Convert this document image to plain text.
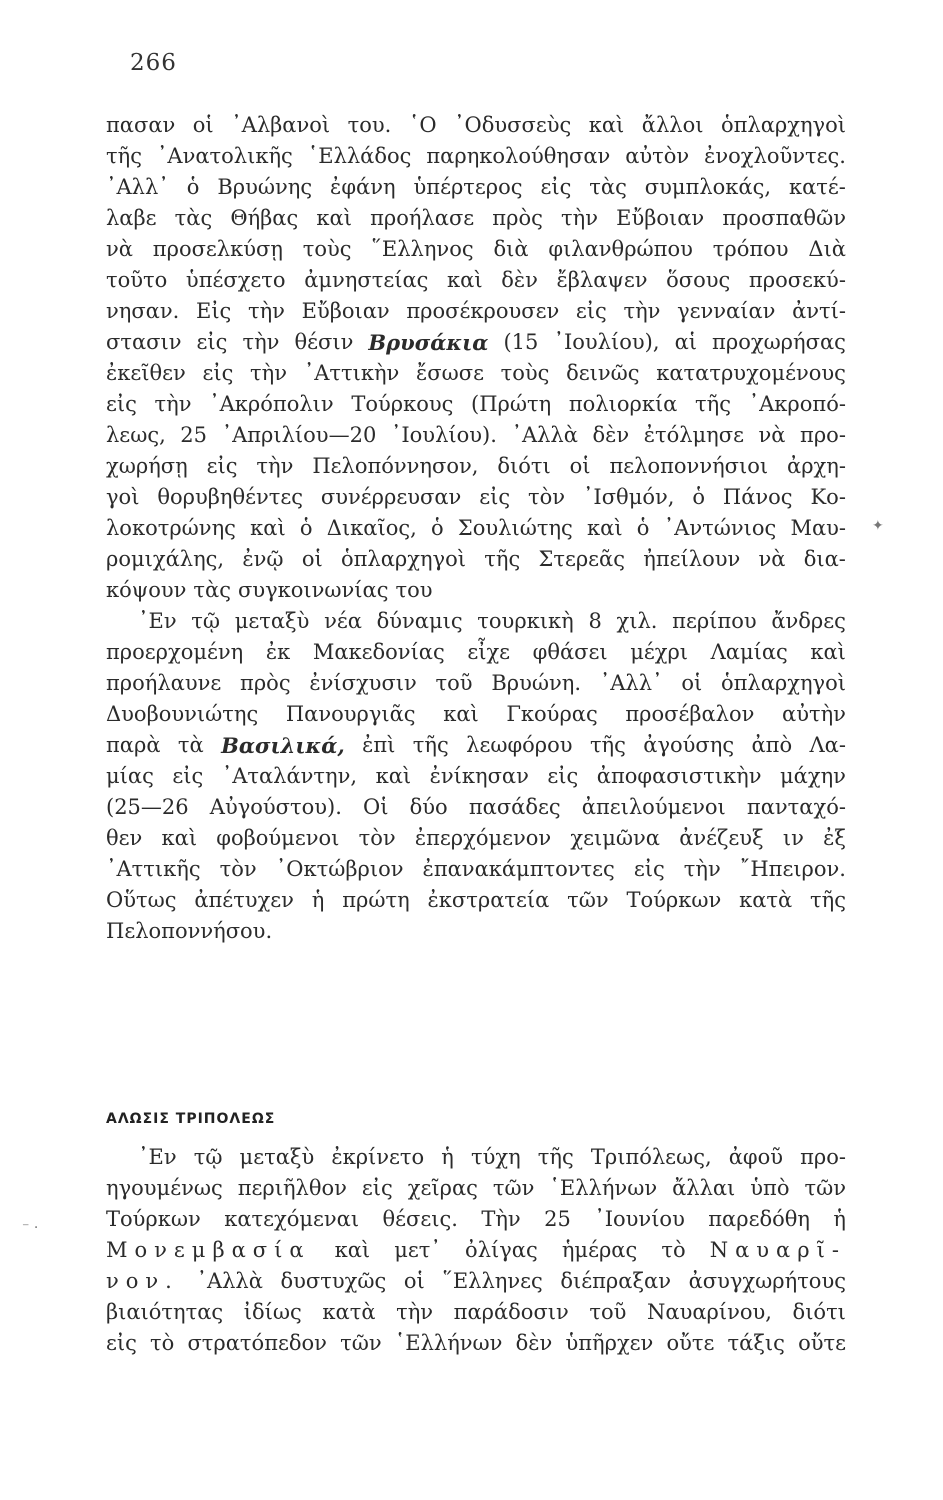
266
πασαν οἱ ᾿Αλβανοὶ του. ῾Ο ᾿Οδυσσεὺς καὶ ἄλλοι ὁπλαρχηγοὶ
τῆς ᾿Ανατολικῆς ῾Ελλάδος παρηκολούθησαν αὐτὸν ἐνοχλοῦντες.
᾿Αλλ᾿ ὁ Βρυώνης ἐφάνη ὑπέρτερος εἰς τὰς συμπλοκάς, κατέ-
λαβε τὰς Θήβας καὶ προήλασε πρὸς τὴν Εὔβοιαν προσπαθῶν
νὰ προσελκύσῃ τοὺς ῞Ελληνος διὰ φιλανθρώπου τρόπου Διὰ
τοῦτο ὑπέσχετο ἀμνηστείας καὶ δὲν ἔβλαψεν ὅσους προσεκύ-
νησαν. Εἰς τὴν Εὔβοιαν προσέκρουσεν εἰς τὴν γενναίαν ἀντί-
στασιν εἰς τὴν θέσιν Βρυσάκια (15 ᾿Ιουλίου), αἱ προχωρήσας
ἐκεῖθεν εἰς τὴν ᾿Αττικὴν ἔσωσε τοὺς δεινῶς κατατρυχομένους
εἰς τὴν ᾿Ακρόπολιν Τούρκους (Πρώτη πολιορκία τῆς ᾿Ακροπό-
λεως, 25 ᾿Απριλίου—20 ᾿Ιουλίου). ᾿Αλλὰ δὲν ἐτόλμησε νὰ προ-
χωρήσῃ εἰς τὴν Πελοπόννησον, διότι οἱ πελοποννήσιοι ἀρχη-
γοὶ θορυβηθέντες συνέρρευσαν εἰς τὸν ᾿Ισθμόν, ὁ Πάνος Κο-
λοκοτρώνης καὶ ὁ Δικαῖος, ὁ Σουλιώτης καὶ ὁ ᾿Αντώνιος Μαυ-
ρομιχάλης, ἐνῷ οἱ ὁπλαρχηγοὶ τῆς Στερεᾶς ἠπείλουν νὰ δια-
κόψουν τὰς συγκοινωνίας του
᾿Εν τῷ μεταξὺ νέα δύναμις τουρκικὴ 8 χιλ. περίπου ἄνδρες
προερχομένη ἐκ Μακεδονίας εἶχε φθάσει μέχρι Λαμίας καὶ
προήλαυνε πρὸς ἐνίσχυσιν τοῦ Βρυώνη. ᾿Αλλ᾿ οἱ ὁπλαρχηγοὶ
Δυοβουνιώτης Πανουργιᾶς καὶ Γκούρας προσέβαλον αὐτὴν
παρὰ τὰ Βασιλικά, ἐπὶ τῆς λεωφόρου τῆς ἀγούσης ἀπὸ Λα-
μίας εἰς ᾿Αταλάντην, καὶ ἐνίκησαν εἰς ἀποφασιστικὴν μάχην
(25—26 Αὐγούστου). Οἱ δύο πασάδες ἀπειλούμενοι πανταχό-
θεν καὶ φοβούμενοι τὸν ἐπερχόμενον χειμῶνα ἀνέζευξ ιν ἐξ
᾿Αττικῆς τὸν ᾿Οκτώβριον ἐπανακάμπτοντες εἰς τὴν ῎Ηπειρον.
Οὕτως ἀπέτυχεν ἡ πρώτη ἐκστρατεία τῶν Τούρκων κατὰ τῆς
Πελοποννήσου.
ΑΛΩΣΙΣ ΤΡΙΠΟΛΕΩΣ
᾿Εν τῷ μεταξὺ ἐκρίνετο ἡ τύχη τῆς Τριπόλεως, ἀφοῦ προ-
ηγουμένως περιῆλθον εἰς χεῖρας τῶν ῾Ελλήνων ἄλλαι ὑπὸ τῶν
Τούρκων κατεχόμεναι θέσεις. Τὴν 25 ᾿Ιουνίου παρεδόθη ἡ
Μονεμβασία καὶ μετ᾿ ὀλίγας ἡμέρας τὸ Ναυαρῖ-
νον. ᾿Αλλὰ δυστυχῶς οἱ ῞Ελληνες διέπραξαν ἀσυγχωρήτους
βιαιότητας ἰδίως κατὰ τὴν παράδοσιν τοῦ Ναυαρίνου, διότι
εἰς τὸ στρατόπεδον τῶν ῾Ελλήνων δὲν ὑπῆρχεν οὔτε τάξις οὔτε
✦
⁻ ·
